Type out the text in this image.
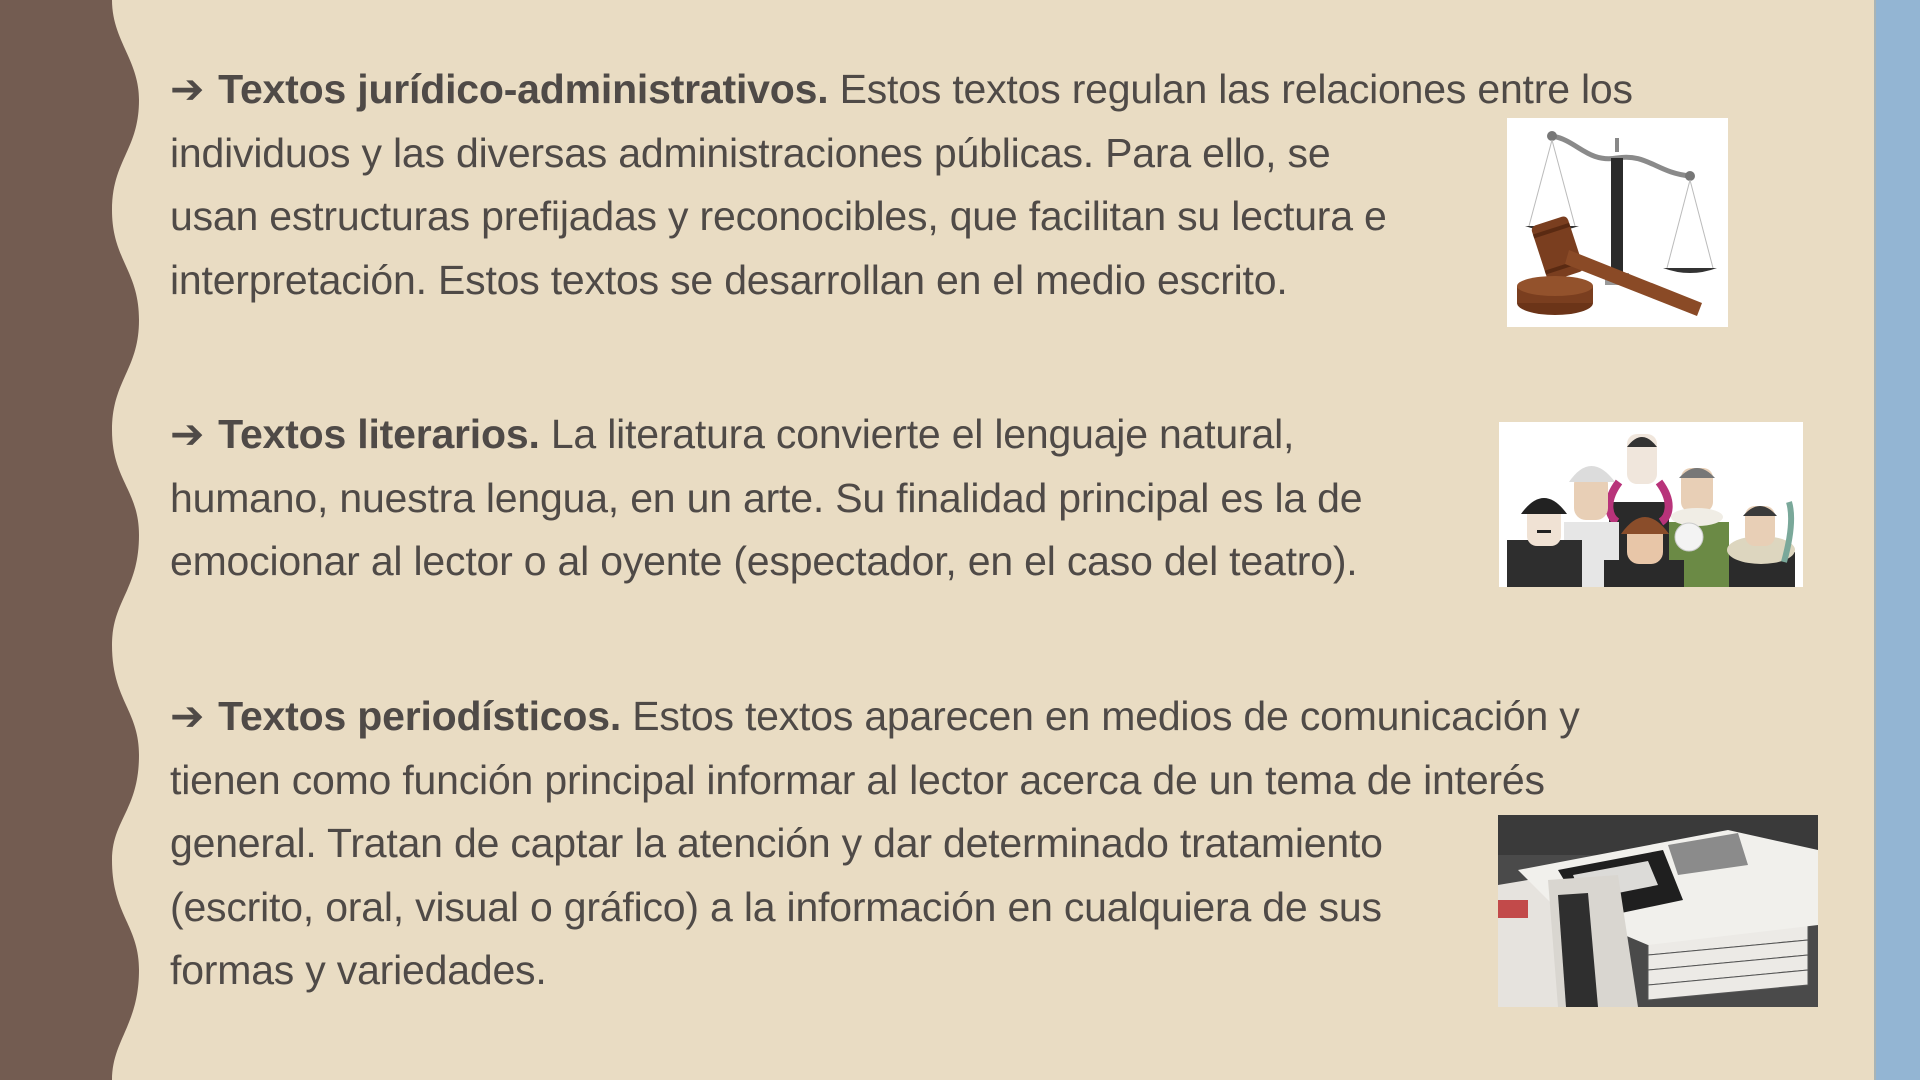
➔ Textos jurídico-administrativos. Estos textos regulan las relaciones entre los
individuos y las diversas administraciones públicas. Para ello, se
usan estructuras prefijadas y reconocibles, que facilitan su lectura e
interpretación. Estos textos se desarrollan en el medio escrito.
➔ Textos literarios. La literatura convierte el lenguaje natural,
humano, nuestra lengua, en un arte. Su finalidad principal es la de
emocionar al lector o al oyente (espectador, en el caso del teatro).
➔ Textos periodísticos. Estos textos aparecen en medios de comunicación y
tienen como función principal informar al lector acerca de un tema de interés
general. Tratan de captar la atención y dar determinado tratamiento
(escrito, oral, visual o gráfico) a la información en cualquiera de sus
formas y variedades.
